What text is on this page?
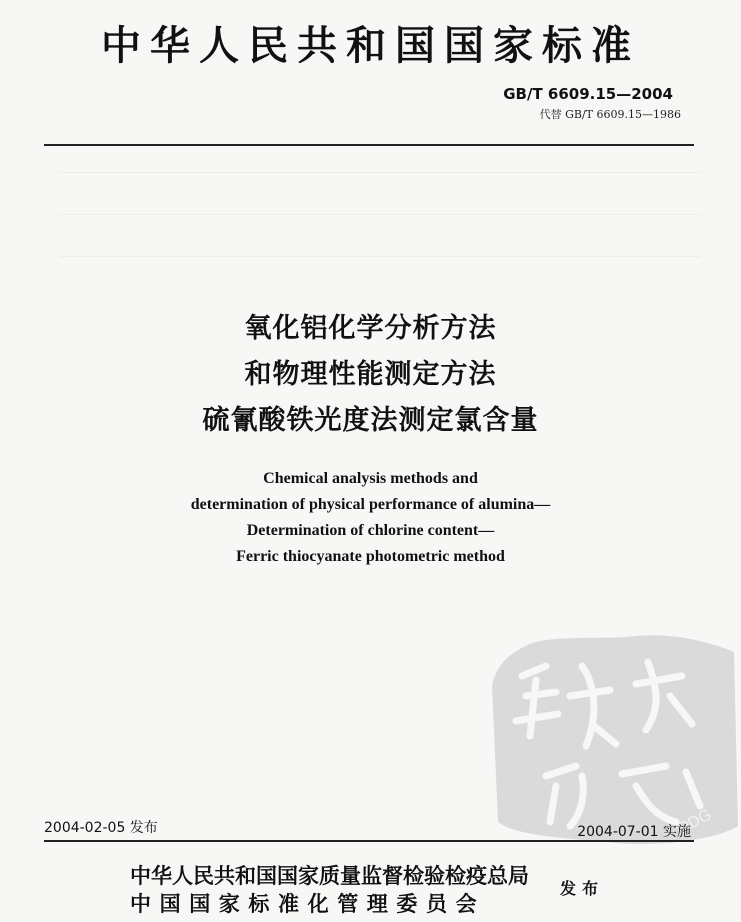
中华人民共和国国家标准
GB/T 6609.15—2004
代替 GB/T 6609.15—1986
氧化铝化学分析方法
和物理性能测定方法
硫氰酸铁光度法测定氯含量
Chemical analysis methods and
determination of physical performance of alumina—
Determination of chlorine content—
Ferric thiocyanate photometric method
PDG
2004-02-05 发布	2004-07-01 实施
中华人民共和国国家质量监督检验检疫总局
中国国家标准化管理委员会
发布
